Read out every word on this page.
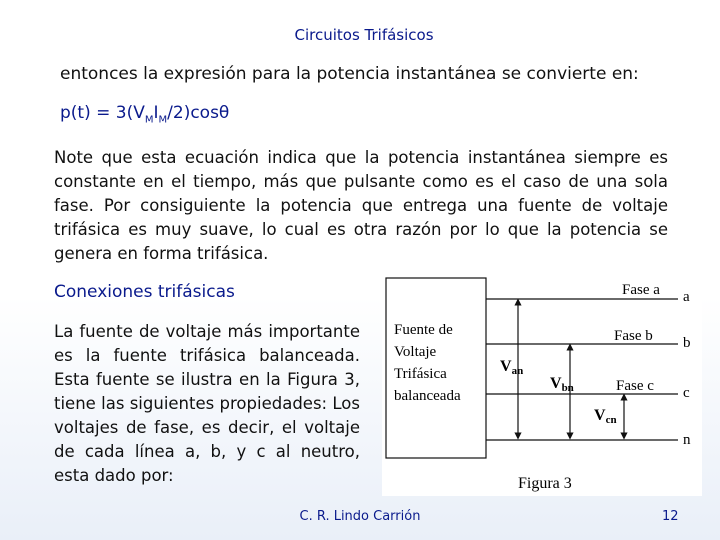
Circuitos Trifásicos
entonces la expresión para la potencia instantánea se convierte en:
$p(t) = 3(V_MI_M/2)\cos\theta$
Note que esta ecuación indica que la potencia instantánea siempre es constante en el tiempo, más que pulsante como es el caso de una sola fase. Por consiguiente la potencia que entrega una fuente de voltaje trifásica es muy suave, lo cual es otra razón por lo que la potencia se genera en forma trifásica.
Conexiones trifásicas
La fuente de voltaje más importante es la fuente trifásica balanceada. Esta fuente se ilustra en la Figura 3, tiene las siguientes propiedades: Los voltajes de fase, es decir, el voltaje de cada línea a, b, y c al neutro, esta dado por:
Fuente de
Voltaje
Trifásica
balanceada
Fase a
Fase b
Fase c
a
b
c
n
Van
Vbn
Vcn
Figura 3
C. R. Lindo Carrión	12
